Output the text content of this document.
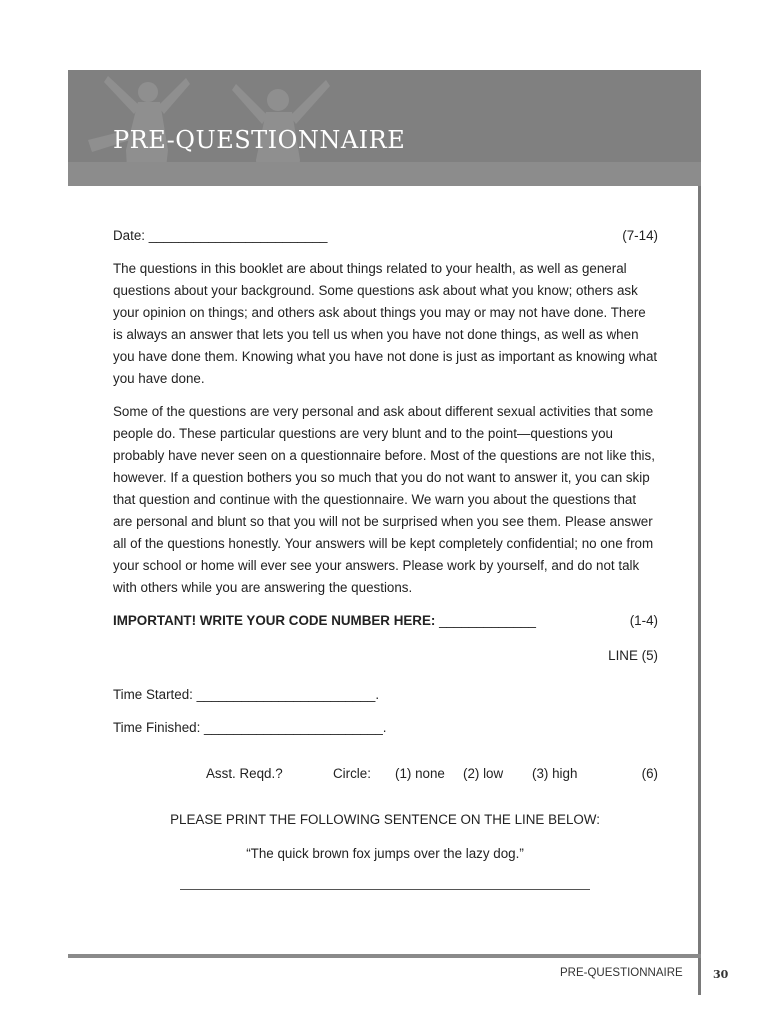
PRE-QUESTIONNAIRE
Date: ________________________	(7-14)

The questions in this booklet are about things related to your health, as well as general questions about your background. Some questions ask about what you know; others ask your opinion on things; and others ask about things you may or may not have done. There is always an answer that lets you tell us when you have not done things, as well as when you have done them. Knowing what you have not done is just as important as knowing what you have done.

Some of the questions are very personal and ask about different sexual activities that some people do. These particular questions are very blunt and to the point—questions you probably have never seen on a questionnaire before. Most of the questions are not like this, however. If a question bothers you so much that you do not want to answer it, you can skip that question and continue with the questionnaire. We warn you about the questions that are personal and blunt so that you will not be surprised when you see them. Please answer all of the questions honestly. Your answers will be kept completely confidential; no one from your school or home will ever see your answers. Please work by yourself, and do not talk with others while you are answering the questions.

IMPORTANT! WRITE YOUR CODE NUMBER HERE: _____________	(1-4)
LINE (5)
Time Started: ________________________.
Time Finished: ________________________.
Asst. Reqd.?	Circle: (1) none (2) low (3) high	(6)
PLEASE PRINT THE FOLLOWING SENTENCE ON THE LINE BELOW:
“The quick brown fox jumps over the lazy dog.”
PRE-QUESTIONNAIRE	30
